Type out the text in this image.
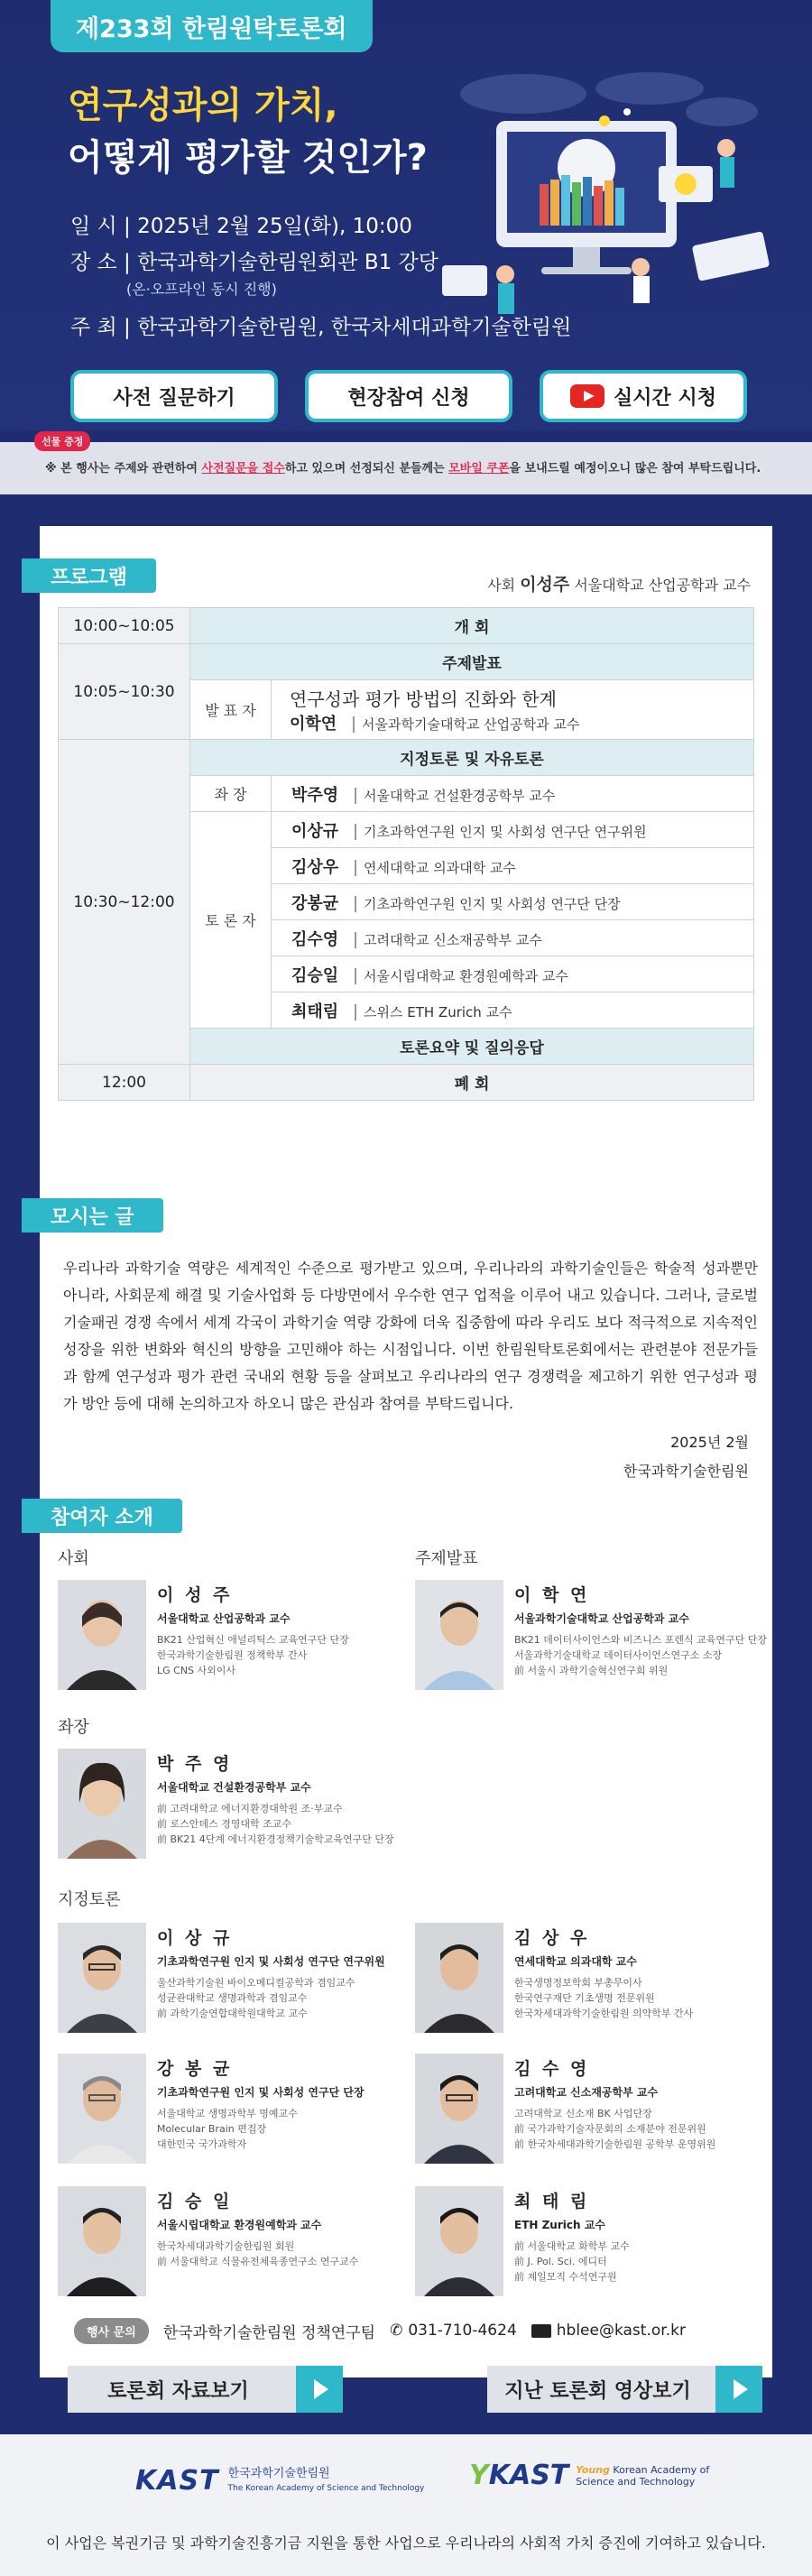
제233회 한림원탁토론회
연구성과의 가치,
어떻게 평가할 것인가?
일 시 | 2025년 2월 25일(화), 10:00
장 소 | 한국과학기술한림원회관 B1 강당
(온·오프라인 동시 진행)
주 최 | 한국과학기술한림원, 한국차세대과학기술한림원
사전 질문하기	현장참여 신청	실시간 시청
선물 증정
※ 본 행사는 주제와 관련하여 사전질문을 접수하고 있으며 선정되신 분들께는 모바일 쿠폰을 보내드릴 예정이오니 많은 참여 부탁드립니다.
프로그램	사회 이성주 서울대학교 산업공학과 교수
10:00~10:05	개 회	
10:05~10:30	주제발표	
	발 표 자	연구성과 평가 방법의 진화와 한계
이학연 서울과학기술대학교 산업공학과 교수

10:30~12:00	지정토론 및 자유토론	
	좌 장	박주영 서울대학교 건설환경공학부 교수
	토 론 자	이상규 기초과학연구원 인지 및 사회성 연구단 연구위원
		김상우 연세대학교 의과대학 교수
		강봉균 기초과학연구원 인지 및 사회성 연구단 단장
		김수영 고려대학교 신소재공학부 교수
		김승일 서울시립대학교 환경원예학과 교수
		최태림 스위스 ETH Zurich 교수
	토론요약 및 질의응답	
12:00	폐 회	
모시는 글
우리나라 과학기술 역량은 세계적인 수준으로 평가받고 있으며, 우리나라의 과학기술인들은 학술적 성과뿐만 아니라, 사회문제 해결 및 기술사업화 등 다방면에서 우수한 연구 업적을 이루어 내고 있습니다. 그러나, 글로벌 기술패권 경쟁 속에서 세계 각국이 과학기술 역량 강화에 더욱 집중함에 따라 우리도 보다 적극적으로 지속적인 성장을 위한 변화와 혁신의 방향을 고민해야 하는 시점입니다. 이번 한림원탁토론회에서는 관련분야 전문가들과 함께 연구성과 평가 관련 국내외 현황 등을 살펴보고 우리나라의 연구 경쟁력을 제고하기 위한 연구성과 평가 방안 등에 대해 논의하고자 하오니 많은 관심과 참여를 부탁드립니다.
2025년 2월
한국과학기술한림원
참여자 소개
사회	주제발표
이 성 주
서울대학교 산업공학과 교수
BK21 산업혁신 애널리틱스 교육연구단 단장
한국과학기술한림원 정책학부 간사
LG CNS 사외이사
이 학 연
서울과학기술대학교 산업공학과 교수
BK21 데이터사이언스와 비즈니스 포렌식 교육연구단 단장
서울과학기술대학교 데이터사이언스연구소 소장
前 서울시 과학기술혁신연구회 위원
좌장
박 주 영
서울대학교 건설환경공학부 교수
前 고려대학교 에너지환경대학원 조·부교수
前 로스안데스 경영대학 조교수
前 BK21 4단계 에너지환경정책기술학교육연구단 단장
지정토론
이 상 규
기초과학연구원 인지 및 사회성 연구단 연구위원
울산과학기술원 바이오메디컬공학과 겸임교수
성균관대학교 생명과학과 겸임교수
前 과학기술연합대학원대학교 교수
김 상 우
연세대학교 의과대학 교수
한국생명정보학회 부총무이사
한국연구재단 기초생명 전문위원
한국차세대과학기술한림원 의약학부 간사
강 봉 균
기초과학연구원 인지 및 사회성 연구단 단장
서울대학교 생명과학부 명예교수
Molecular Brain 편집장
대한민국 국가과학자
김 수 영
고려대학교 신소재공학부 교수
고려대학교 신소재 BK 사업단장
前 국가과학기술자문회의 소재분야 전문위원
前 한국차세대과학기술한림원 공학부 운영위원
김 승 일
서울시립대학교 환경원예학과 교수
한국차세대과학기술한림원 회원
前 서울대학교 식물유전체육종연구소 연구교수
최 태 림
ETH Zurich 교수
前 서울대학교 화학부 교수
前 J. Pol. Sci. 에디터
前 제일모직 수석연구원
행사 문의	한국과학기술한림원 정책연구팀 ✆ 031-710-4624	hblee@kast.or.kr
토론회 자료보기	지난 토론회 영상보기
KAST 한국과학기술한림원
The Korean Academy of Science and Technology YKAST Young Korean Academy of
Science and Technology
이 사업은 복권기금 및 과학기술진흥기금 지원을 통한 사업으로 우리나라의 사회적 가치 증진에 기여하고 있습니다.
